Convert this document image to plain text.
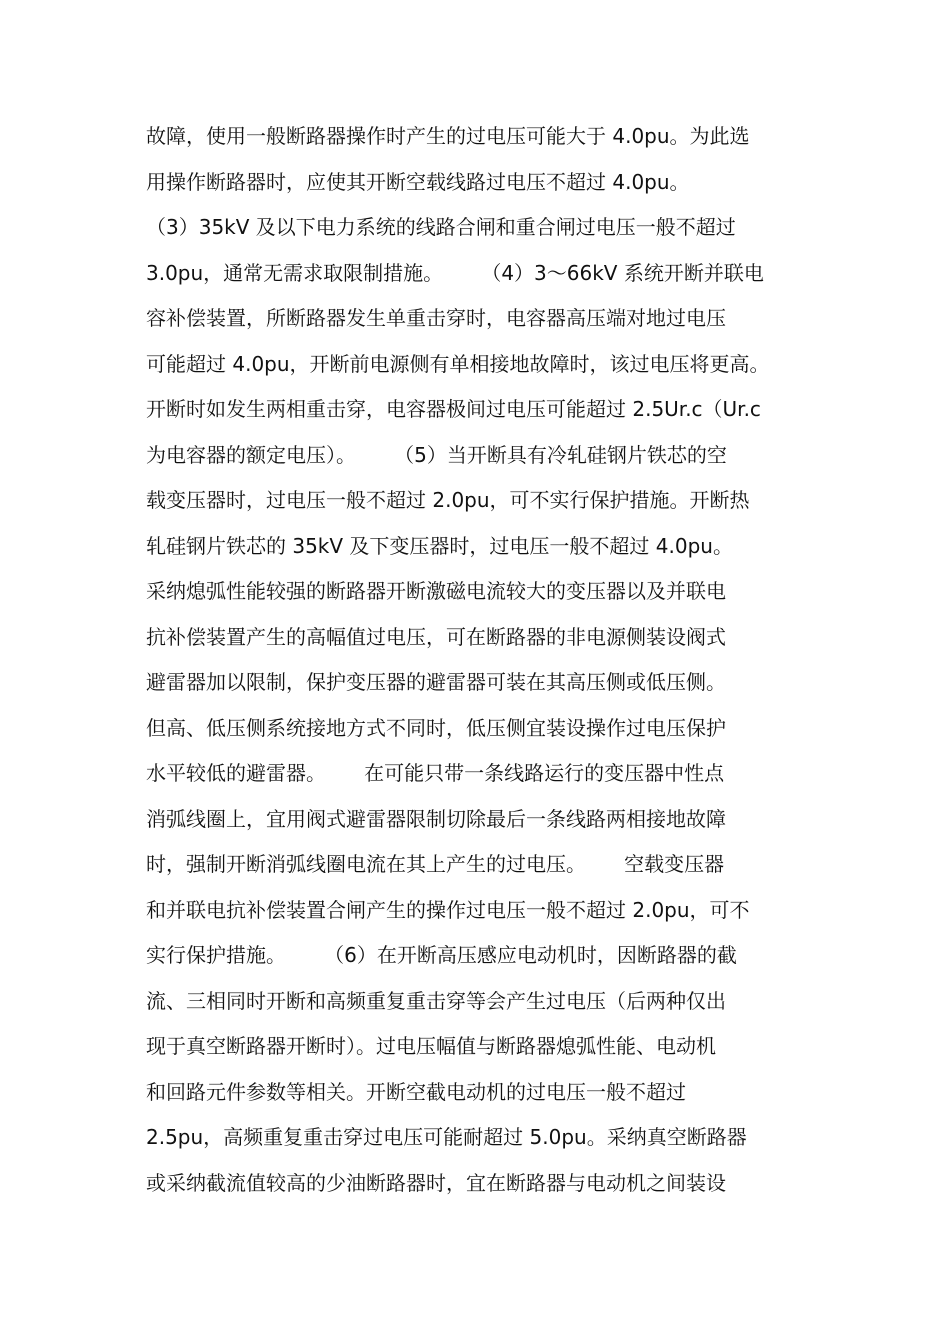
故障，使用一般断路器操作时产生的过电压可能大于 4.0pu。为此选
用操作断路器时，应使其开断空载线路过电压不超过 4.0pu。
（3）35kV 及以下电力系统的线路合闸和重合闸过电压一般不超过
3.0pu，通常无需求取限制措施。      （4）3～66kV 系统开断并联电
容补偿装置，所断路器发生单重击穿时，电容器高压端对地过电压
可能超过 4.0pu，开断前电源侧有单相接地故障时，该过电压将更高。
开断时如发生两相重击穿，电容器极间过电压可能超过 2.5Ur.c（Ur.c
为电容器的额定电压）。      （5）当开断具有冷轧硅钢片铁芯的空
载变压器时，过电压一般不超过 2.0pu，可不实行保护措施。开断热
轧硅钢片铁芯的 35kV 及下变压器时，过电压一般不超过 4.0pu。
采纳熄弧性能较强的断路器开断激磁电流较大的变压器以及并联电
抗补偿装置产生的高幅值过电压，可在断路器的非电源侧装设阀式
避雷器加以限制，保护变压器的避雷器可装在其高压侧或低压侧。
但高、低压侧系统接地方式不同时，低压侧宜装设操作过电压保护
水平较低的避雷器。      在可能只带一条线路运行的变压器中性点
消弧线圈上，宜用阀式避雷器限制切除最后一条线路两相接地故障
时，强制开断消弧线圈电流在其上产生的过电压。      空载变压器
和并联电抗补偿装置合闸产生的操作过电压一般不超过 2.0pu，可不
实行保护措施。      （6）在开断高压感应电动机时，因断路器的截
流、三相同时开断和高频重复重击穿等会产生过电压（后两种仅出
现于真空断路器开断时）。过电压幅值与断路器熄弧性能、电动机
和回路元件参数等相关。开断空截电动机的过电压一般不超过
2.5pu，高频重复重击穿过电压可能耐超过 5.0pu。采纳真空断路器
或采纳截流值较高的少油断路器时，宜在断路器与电动机之间装设
